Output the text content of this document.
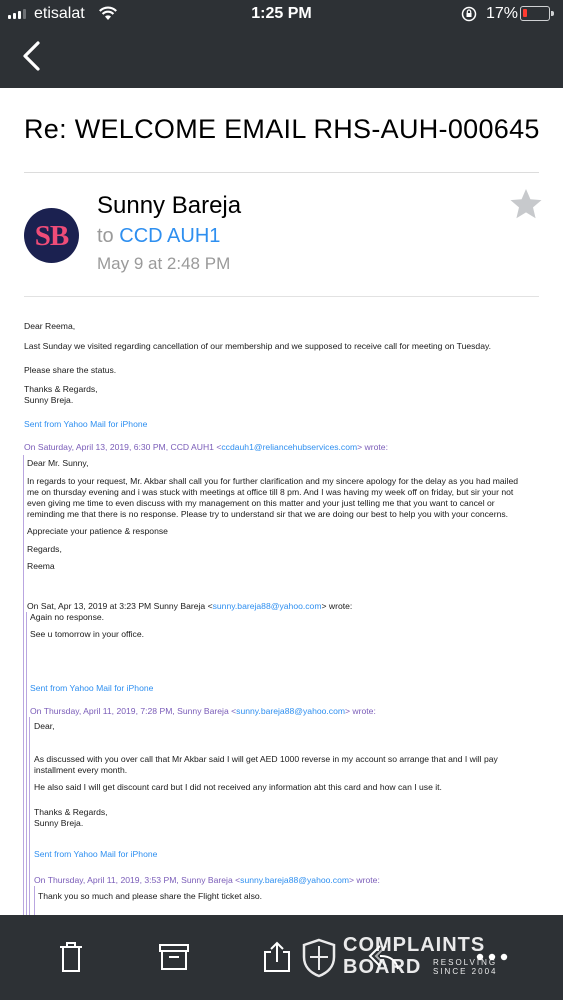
etisalat	1:25 PM	17%
Re: WELCOME EMAIL RHS-AUH-000645
SB
Sunny Bareja
to CCD AUH1
May 9 at 2:48 PM
Dear Reema,
Last Sunday we visited regarding cancellation of our membership and we supposed to receive call for meeting on Tuesday.
Please share the status.
Thanks & Regards,
Sunny Breja.
Sent from Yahoo Mail for iPhone
On Saturday, April 13, 2019, 6:30 PM, CCD AUH1 <ccdauh1@reliancehubservices.com> wrote:
Dear Mr. Sunny,
In regards to your request, Mr. Akbar shall call you for further clarification and my sincere apology for the delay as you had mailed
me on thursday evening and i was stuck with meetings at office till 8 pm. And I was having my week off on friday, but sir your not
even giving me time to even discuss with my management on this matter and your just telling me that you want to cancel or
reminding me that there is no response. Please try to understand sir that we are doing our best to help you with your concerns.
Appreciate your patience & response
Regards,
Reema
On Sat, Apr 13, 2019 at 3:23 PM Sunny Bareja <sunny.bareja88@yahoo.com> wrote:
Again no response.
See u tomorrow in your office.
Sent from Yahoo Mail for iPhone
On Thursday, April 11, 2019, 7:28 PM, Sunny Bareja <sunny.bareja88@yahoo.com> wrote:
Dear,
As discussed with you over call that Mr Akbar said I will get AED 1000 reverse in my account so arrange that and I will pay
installment every month.
He also said I will get discount card but I did not received any information abt this card and how can I use it.
Thanks & Regards,
Sunny Breja.
Sent from Yahoo Mail for iPhone
On Thursday, April 11, 2019, 3:53 PM, Sunny Bareja <sunny.bareja88@yahoo.com> wrote:
Thank you so much and please share the Flight ticket also.
COMPLAINTS
BOARD RESOLVING
SINCE 2004
